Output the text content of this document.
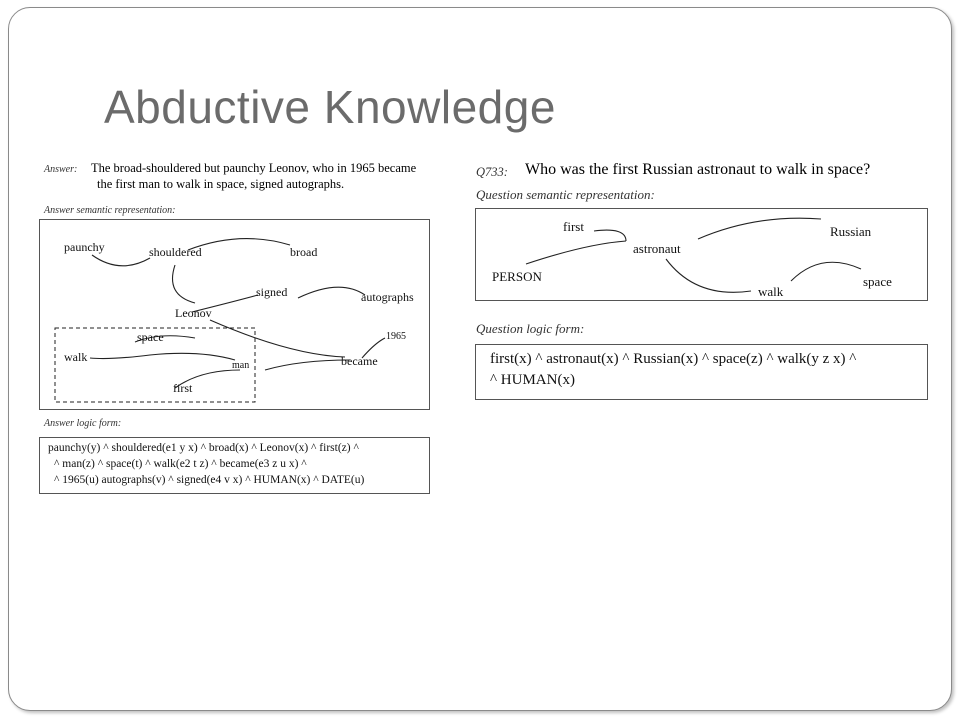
Abductive Knowledge
Answer: The broad-shouldered but paunchy Leonov, who in 1965 became
the first man to walk in space, signed autographs.
Answer semantic representation:
paunchy	shouldered	broad
signed	autographs
Leonov
space
walk
man
first
became
1965
Answer logic form:
paunchy(y) ^ shouldered(e1 y x) ^ broad(x) ^ Leonov(x) ^ first(z) ^
^ man(z) ^ space(t) ^ walk(e2 t z) ^ became(e3 z u x) ^
^ 1965(u) autographs(v) ^ signed(e4 v x) ^ HUMAN(x) ^ DATE(u)
Q733: Who was the first Russian astronaut to walk in space?
Question semantic representation:
first
astronaut
Russian
PERSON	space
walk
Question logic form:
first(x) ^ astronaut(x) ^ Russian(x) ^ space(z) ^ walk(y z x) ^
^ HUMAN(x)
